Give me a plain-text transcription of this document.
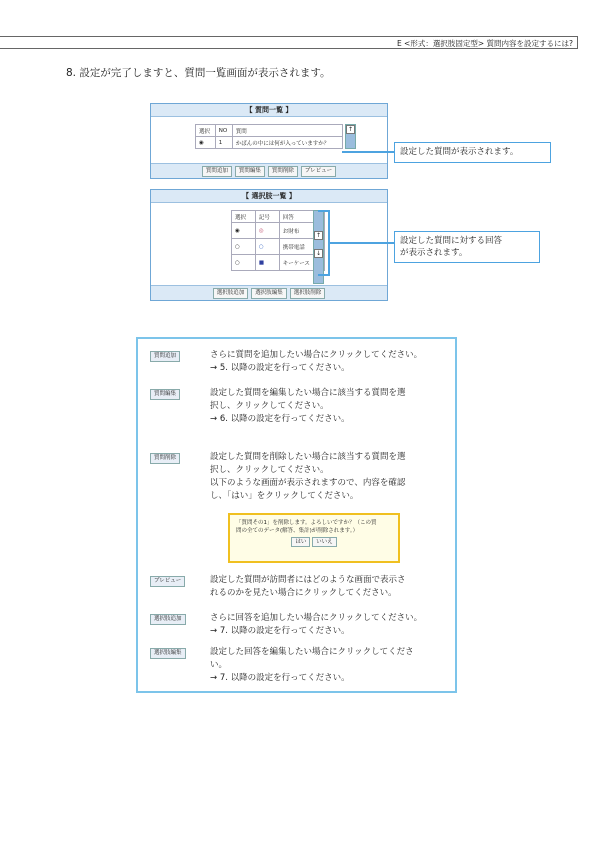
E <形式：選択肢固定型> 質問内容を設定するには?
8. 設定が完了しますと、質問一覧画面が表示されます。
【 質問一覧 】
選択	NO	質問
◉	1	かばんの中には何が入っていますか？
↑
質問追加	質問編集	質問削除	プレビュー
設定した質問が表示されます。
【 選択肢一覧 】
選択	記号	回答
◉	◎	お財布
○	○	携帯電話
○	■	キーケース
↑
↓
選択肢追加	選択肢編集	選択肢削除
設定した質問に対する回答
が表示されます。
質問追加	さらに質問を追加したい場合にクリックしてください。
→ 5. 以降の設定を行ってください。
質問編集	設定した質問を編集したい場合に該当する質問を選
択し、クリックしてください。
→ 6. 以降の設定を行ってください。
質問削除	設定した質問を削除したい場合に該当する質問を選
択し、クリックしてください。
以下のような画面が表示されますので、内容を確認
し、「はい」をクリックしてください。
「質問その1」を削除します。よろしいですか？（この質
問の全てのデータ(解答、集計)が削除されます。）
はい いいえ
プレビュー	設定した質問が訪問者にはどのような画面で表示さ
れるのかを見たい場合にクリックしてください。
選択肢追加	さらに回答を追加したい場合にクリックしてください。
→ 7. 以降の設定を行ってください。
選択肢編集	設定した回答を編集したい場合にクリックしてくださ
い。
→ 7. 以降の設定を行ってください。
